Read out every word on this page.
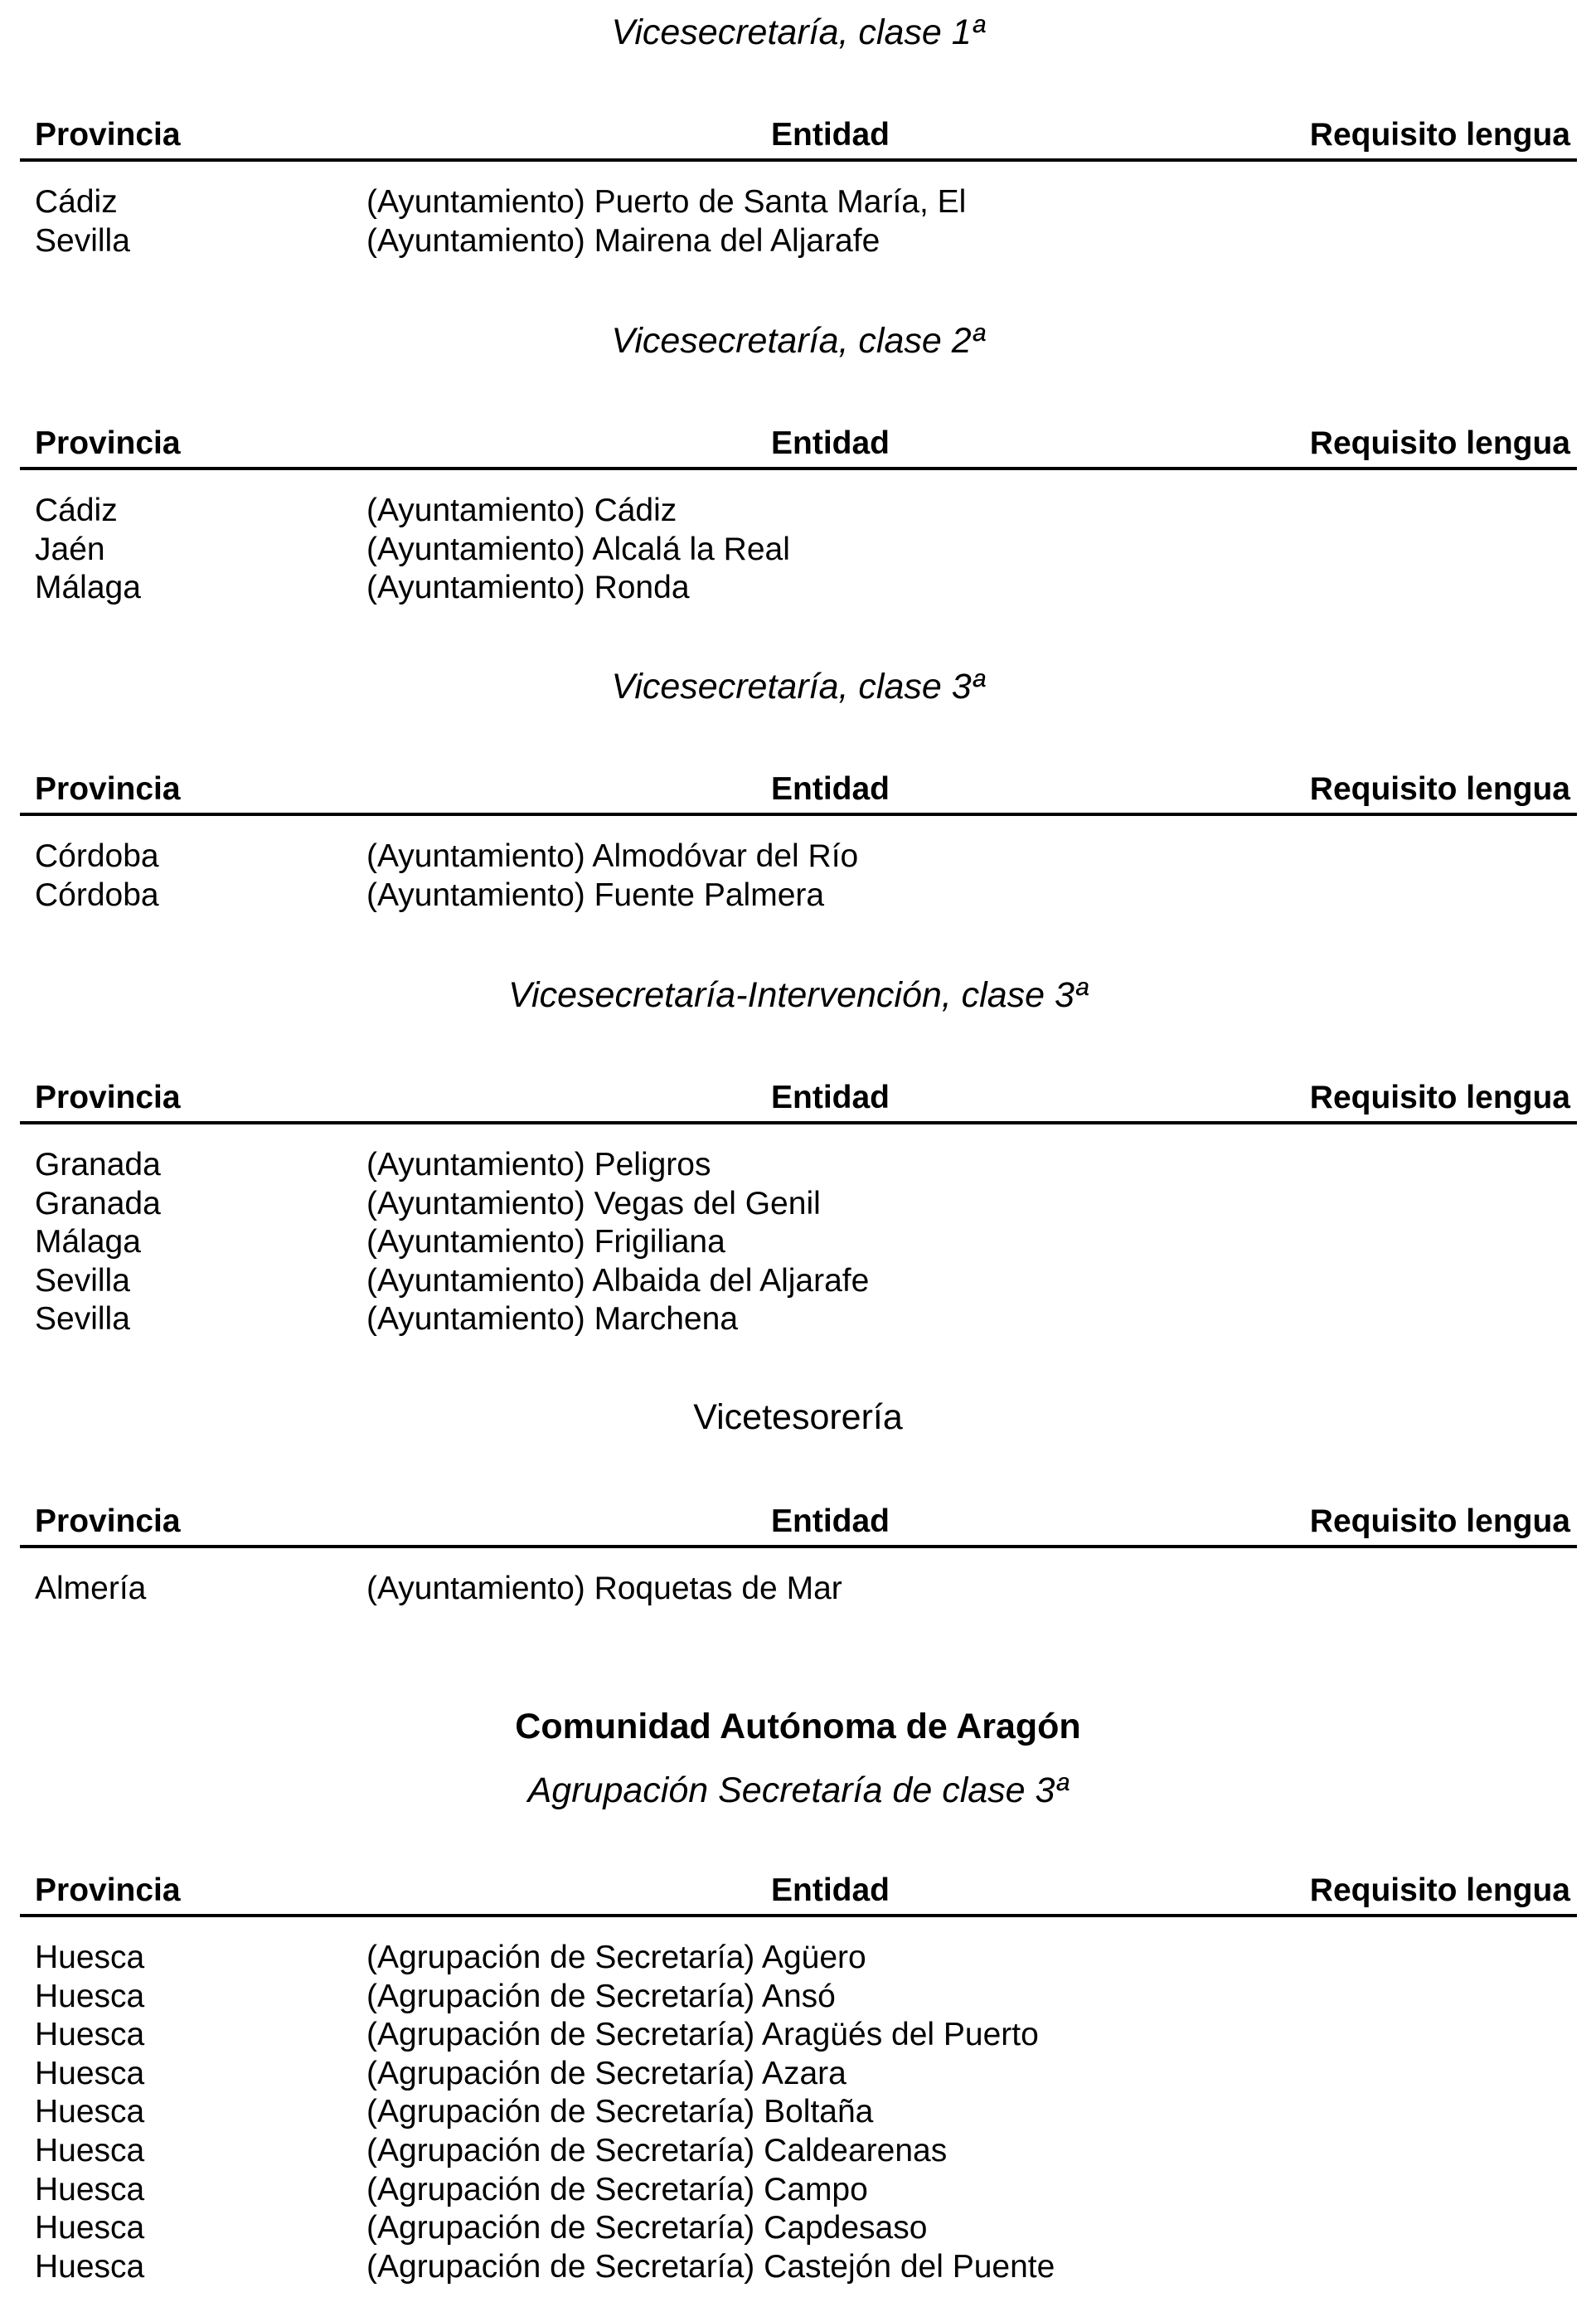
Vicesecretaría, clase 1ª
Provincia	Entidad	Requisito lengua
Cádiz	(Ayuntamiento) Puerto de Santa María, El
Sevilla	(Ayuntamiento) Mairena del Aljarafe
Vicesecretaría, clase 2ª
Provincia	Entidad	Requisito lengua
Cádiz	(Ayuntamiento) Cádiz
Jaén	(Ayuntamiento) Alcalá la Real
Málaga	(Ayuntamiento) Ronda
Vicesecretaría, clase 3ª
Provincia	Entidad	Requisito lengua
Córdoba	(Ayuntamiento) Almodóvar del Río
Córdoba	(Ayuntamiento) Fuente Palmera
Vicesecretaría-Intervención, clase 3ª
Provincia	Entidad	Requisito lengua
Granada	(Ayuntamiento) Peligros
Granada	(Ayuntamiento) Vegas del Genil
Málaga	(Ayuntamiento) Frigiliana
Sevilla	(Ayuntamiento) Albaida del Aljarafe
Sevilla	(Ayuntamiento) Marchena
Vicetesorería
Provincia	Entidad	Requisito lengua
Almería	(Ayuntamiento) Roquetas de Mar
Comunidad Autónoma de Aragón
Agrupación Secretaría de clase 3ª
Provincia	Entidad	Requisito lengua
Huesca	(Agrupación de Secretaría) Agüero
Huesca	(Agrupación de Secretaría) Ansó
Huesca	(Agrupación de Secretaría) Aragüés del Puerto
Huesca	(Agrupación de Secretaría) Azara
Huesca	(Agrupación de Secretaría) Boltaña
Huesca	(Agrupación de Secretaría) Caldearenas
Huesca	(Agrupación de Secretaría) Campo
Huesca	(Agrupación de Secretaría) Capdesaso
Huesca	(Agrupación de Secretaría) Castejón del Puente
